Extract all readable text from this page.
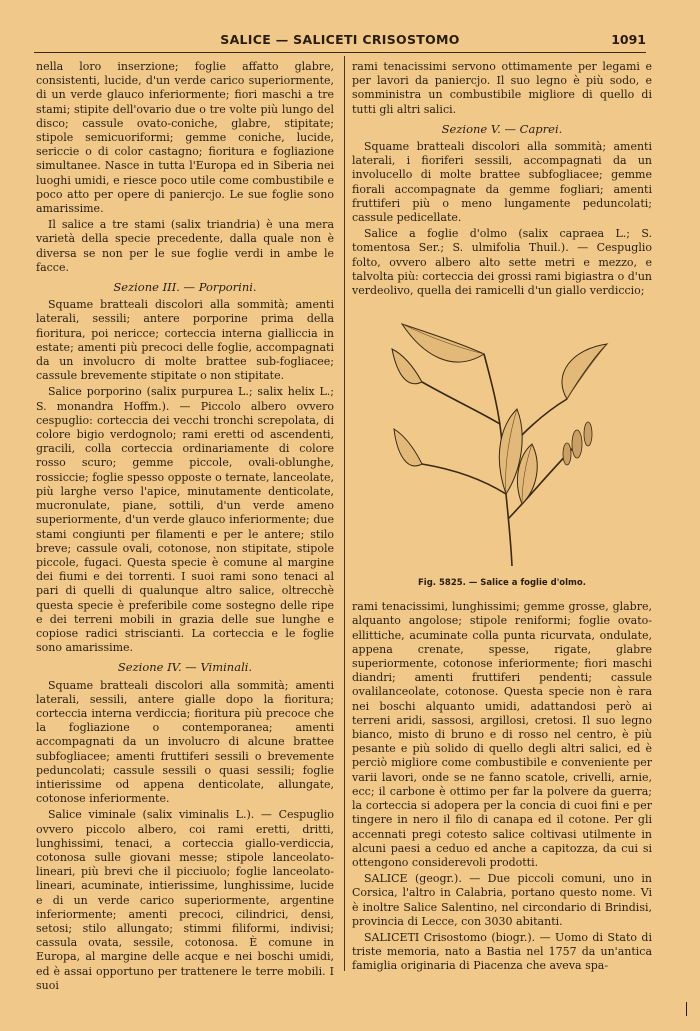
SALICE — SALICETI CRISOSTOMO	1091

nella loro inserzione; foglie affatto glabre, consistenti, lucide, d'un verde carico superiormente, di un verde glauco inferiormente; fiori maschi a tre stami; stipite dell'ovario due o tre volte più lungo del disco; cassule ovato-coniche, glabre, stipitate; stipole semicuoriformi; gemme coniche, lucide, sericcie o di color castagno; fioritura e fogliazione simultanee. Nasce in tutta l'Europa ed in Siberia nei luoghi umidi, e riesce poco utile come combustibile e poco atto per opere di paniercjo. Le sue foglie sono amarissime.

Il salice a tre stami (salix triandria) è una mera varietà della specie precedente, dalla quale non è diversa se non per le sue foglie verdi in ambe le facce.

Sezione III. — Porporini.

Squame bratteali discolori alla sommità; amenti laterali, sessili; antere porporine prima della fioritura, poi nericce; corteccia interna gialliccia in estate; amenti più precoci delle foglie, accompagnati da un involucro di molte brattee sub-fogliacee; cassule brevemente stipitate o non stipitate.

Salice porporino (salix purpurea L.; salix helix L.; S. monandra Hoffm.). — Piccolo albero ovvero cespuglio: corteccia dei vecchi tronchi screpolata, di colore bigio verdognolo; rami eretti od ascendenti, gracili, colla corteccia ordinariamente di colore rosso scuro; gemme piccole, ovali-oblunghe, rossiccie; foglie spesso opposte o ternate, lanceolate, più larghe verso l'apice, minutamente denticolate, mucronulate, piane, sottili, d'un verde ameno superiormente, d'un verde glauco inferiormente; due stami congiunti per filamenti e per le antere; stilo breve; cassule ovali, cotonose, non stipitate, stipole piccole, fugaci. Questa specie è comune al margine dei fiumi e dei torrenti. I suoi rami sono tenaci al pari di quelli di qualunque altro salice, oltrecchè questa specie è preferibile come sostegno delle ripe e dei terreni mobili in grazia delle sue lunghe e copiose radici striscianti. La corteccia e le foglie sono amarissime.

Sezione IV. — Viminali.

Squame bratteali discolori alla sommità; amenti laterali, sessili, antere gialle dopo la fioritura; corteccia interna verdiccia; fioritura più precoce che la fogliazione o contemporanea; amenti accompagnati da un involucro di alcune brattee subfogliacee; amenti fruttiferi sessili o brevemente peduncolati; cassule sessili o quasi sessili; foglie intierissime od appena denticolate, allungate, cotonose inferiormente.

Salice viminale (salix viminalis L.). — Cespuglio ovvero piccolo albero, coi rami eretti, dritti, lunghissimi, tenaci, a corteccia giallo-verdiccia, cotonosa sulle giovani messe; stipole lanceolato-lineari, più brevi che il picciuolo; foglie lanceolato-lineari, acuminate, intierissime, lunghissime, lucide e di un verde carico superiormente, argentine inferiormente; amenti precoci, cilindrici, densi, setosi; stilo allungato; stimmi filiformi, indivisi; cassula ovata, sessile, cotonosa. È comune in Europa, al margine delle acque e nei boschi umidi, ed è assai opportuno per trattenere le terre mobili. I suoi

rami tenacissimi servono ottimamente per legami e per lavori da paniercjo. Il suo legno è più sodo, e somministra un combustibile migliore di quello di tutti gli altri salici.

Sezione V. — Caprei.

Squame bratteali discolori alla sommità; amenti laterali, i fioriferi sessili, accompagnati da un involucello di molte brattee subfogliacee; gemme fiorali accompagnate da gemme fogliari; amenti fruttiferi più o meno lungamente peduncolati; cassule pedicellate.

Salice a foglie d'olmo (salix capraea L.; S. tomentosa Ser.; S. ulmifolia Thuil.). — Cespuglio folto, ovvero albero alto sette metri e mezzo, e talvolta più: corteccia dei grossi rami bigiastra o d'un verdeolivo, quella dei ramicelli d'un giallo verdiccio;

Fig. 5825. — Salice a foglie d'olmo.

rami tenacissimi, lunghissimi; gemme grosse, glabre, alquanto angolose; stipole reniformi; foglie ovato-ellittiche, acuminate colla punta ricurvata, ondulate, appena crenate, spesse, rigate, glabre superiormente, cotonose inferiormente; fiori maschi diandri; amenti fruttiferi pendenti; cassule ovalilanceolate, cotonose. Questa specie non è rara nei boschi alquanto umidi, adattandosi però ai terreni aridi, sassosi, argillosi, cretosi. Il suo legno bianco, misto di bruno e di rosso nel centro, è più pesante e più solido di quello degli altri salici, ed è perciò migliore come combustibile e conveniente per varii lavori, onde se ne fanno scatole, crivelli, arnie, ecc; il carbone è ottimo per far la polvere da guerra; la corteccia si adopera per la concia di cuoi fini e per tingere in nero il filo di canapa ed il cotone. Per gli accennati pregi cotesto salice coltivasi utilmente in alcuni paesi a ceduo ed anche a capitozza, da cui si ottengono considerevoli prodotti.

SALICE (geogr.). — Due piccoli comuni, uno in Corsica, l'altro in Calabria, portano questo nome. Vi è inoltre Salice Salentino, nel circondario di Brindisi, provincia di Lecce, con 3030 abitanti.

SALICETI Crisostomo (biogr.). — Uomo di Stato di triste memoria, nato a Bastia nel 1757 da un'antica famiglia originaria di Piacenza che aveva spa-
